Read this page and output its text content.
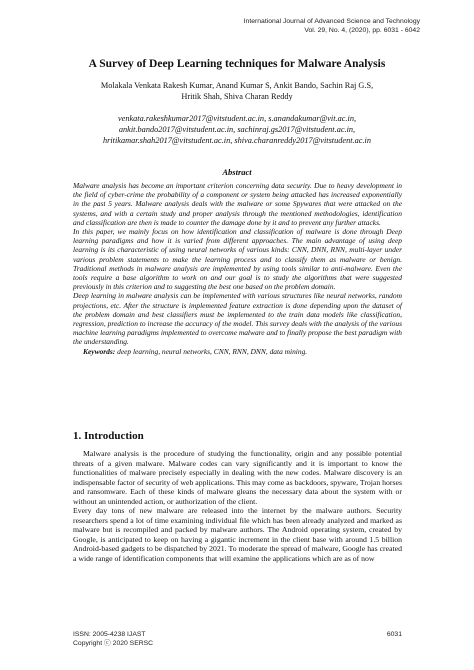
International Journal of Advanced Science and Technology
Vol. 29, No. 4, (2020), pp. 6031 - 6042
A Survey of Deep Learning techniques for Malware Analysis
Molakala Venkata Rakesh Kumar, Anand Kumar S, Ankit Bando, Sachin Raj G.S,
Hritik Shah, Shiva Charan Reddy
venkata.rakeshkumar2017@vitstudent.ac.in, s.anandakumar@vit.ac.in,
ankit.bando2017@vitstudent.ac.in, sachinraj.gs2017@vitstudent.ac.in,
hritikamar.shah2017@vitstudent.ac.in, shiva.charanreddy2017@vitstudent.ac.in
Abstract

Malware analysis has become an important criterion concerning data security. Due to heavy development in the field of cyber-crime the probability of a component or system being attacked has increased exponentially in the past 5 years. Malware analysis deals with the malware or some Spywares that were attacked on the systems, and with a certain study and proper analysis through the mentioned methodologies, identification and classification are then is made to counter the damage done by it and to prevent any further attacks.

In this paper, we mainly focus on how identification and classification of malware is done through Deep learning paradigms and how it is varied from different approaches. The main advantage of using deep learning is its characteristic of using neural networks of various kinds: CNN, DNN, RNN, multi-layer under various problem statements to make the learning process and to classify them as malware or benign. Traditional methods in malware analysis are implemented by using tools similar to anti-malware. Even the tools require a base algorithm to work on and our goal is to study the algorithms that were suggested previously in this criterion and to suggesting the best one based on the problem domain.

Deep learning in malware analysis can be implemented with various structures like neural networks, random projections, etc. After the structure is implemented feature extraction is done depending upon the dataset of the problem domain and best classifiers must be implemented to the train data models like classification, regression, prediction to increase the accuracy of the model. This survey deals with the analysis of the various machine learning paradigms implemented to overcome malware and to finally propose the best paradigm with the understanding.

Keywords: deep learning, neural networks, CNN, RNN, DNN, data mining.

1. Introduction

Malware analysis is the procedure of studying the functionality, origin and any possible potential threats of a given malware. Malware codes can vary significantly and it is important to know the functionalities of malware precisely especially in dealing with the new codes. Malware discovery is an indispensable factor of security of web applications. This may come as backdoors, spyware, Trojan horses and ransomware. Each of these kinds of malware gleans the necessary data about the system with or without an unintended action, or authorization of the client.

Every day tons of new malware are released into the internet by the malware authors. Security researchers spend a lot of time examining individual file which has been already analyzed and marked as malware but is recompiled and packed by malware authors. The Android operating system, created by Google, is anticipated to keep on having a gigantic increment in the client base with around 1.5 billion Android-based gadgets to be dispatched by 2021. To moderate the spread of malware, Google has created a wide range of identification components that will examine the applications which are as of now

ISSN: 2005-4238 IJAST
Copyright ⓒ 2020 SERSC
6031
